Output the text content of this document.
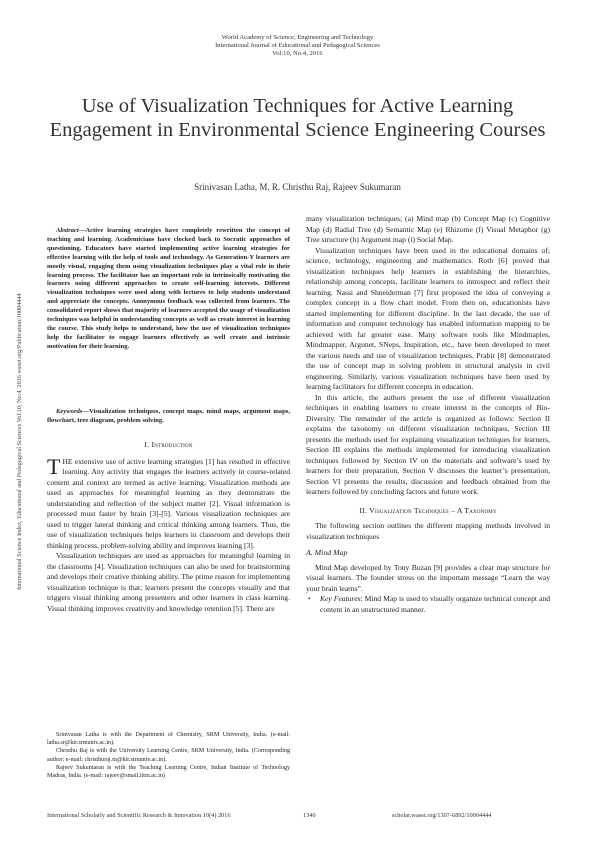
World Academy of Science, Engineering and Technology
International Journal of Educational and Pedagogical Sciences
Vol:10, No:4, 2016
International Science Index, Educational and Pedagogical Sciences Vol:10, No:4, 2016 waset.org/Publication/10004444
Use of Visualization Techniques for Active Learning Engagement in Environmental Science Engineering Courses
Srinivasan Latha, M. R. Christhu Raj, Rajeev Sukumaran

Abstract—Active learning strategies have completely rewritten the concept of teaching and learning. Academicians have clocked back to Socratic approaches of questioning. Educators have started implementing active learning strategies for effective learning with the help of tools and technology. As Generation-Y learners are mostly visual, engaging them using visualization techniques play a vital role in their learning process. The facilitator has an important role in intrinsically motivating the learners using different approaches to create self-learning interests. Different visualization techniques were used along with lectures to help students understand and appreciate the concepts. Anonymous feedback was collected from learners. The consolidated report shows that majority of learners accepted the usage of visualization techniques was helpful in understanding concepts as well as create interest in learning the course. This study helps to understand, how the use of visualization techniques help the facilitator to engage learners effectively as well create and intrinsic motivation for their learning.

Keywords—Visualization techniques, concept maps, mind maps, argument maps, flowchart, tree diagram, problem solving.

I. Introduction

THE extensive use of active learning strategies [1] has resulted in effective learning. Any activity that engages the learners actively in course-related content and context are termed as active learning. Visualization methods are used as approaches for meaningful learning as they demonstrate the understanding and reflection of the subject matter [2]. Visual information is processed must faster by brain [3]-[5]. Various visualization techniques are used to trigger lateral thinking and critical thinking among learners. Thus, the use of visualization techniques helps learners in classroom and develops their thinking process, problem-solving ability and improves learning [3].

Visualization techniques are used as approaches for meaningful learning in the classrooms [4]. Visualization techniques can also be used for brainstorming and develops their creative thinking ability. The prime reason for implementing visualization technique is that; learners present the concepts visually and that triggers visual thinking among presenters and other learners in class learning. Visual thinking improves creativity and knowledge retention [5]. There are

Srinivasan Latha is with the Department of Chemistry, SRM University, India. (e-mail: latha.sr@ktr.srmuniv.ac.in).

Christhu Raj is with the University Learning Centre, SRM University, India. (Corresponding author: e-mail: christhuraj.m@ktr.srmuniv.ac.in).

Rajeev Sukumaran is with the Teaching Learning Centre, Indian Institute of Technology Madras, India. (e-mail: rajeev@smail.iitm.ac.in)

many visualization techniques; (a) Mind map (b) Concept Map (c) Cognitive Map (d) Radial Tree (d) Semantic Map (e) Rhizome (f) Visual Metaphor (g) Tree structure (h) Argument map (i) Social Map.

Visualization techniques have been used in the educational domains of; science, technology, engineering and mathematics. Roth [6] proved that visualization techniques help learners in establishing the hierarchies, relationship among concepts, facilitate learners to introspect and reflect their learning. Nassi and Shneiderman [7] first proposed the idea of conveying a complex concept in a flow chart model. From then on, educationists have started implementing for different discipline. In the last decade, the use of information and computer technology has enabled information mapping to be achieved with far greater ease. Many software tools like Mindmaples, Mindmapper, Argunet, SNeps, Inspiration, etc., have been developed to meet the various needs and use of visualization techniques. Prabir [8] demonstrated the use of concept map in solving problem in structural analysis in civil engineering. Similarly, various visualization techniques have been used by learning facilitators for different concepts in education.

In this article, the authors present the use of different visualization techniques in enabling learners to create interest in the concepts of Bio-Diversity. The remainder of the article is organized as follows: Section II explains the taxonomy on different visualization techniques, Section III presents the methods used for explaining visualization techniques for learners, Section III explains the methods implemented for introducing visualization techniques followed by Section IV on the materials and software’s used by learners for their preparation, Section V discusses the learner’s presentation, Section VI presents the results, discussion and feedback obtained from the learners followed by concluding factors and future work.

II. Visualization Techniques – A Taxonomy

The following section outlines the different mapping methods involved in visualization techniques

A. Mind Map

Mind Map developed by Tony Buzan [9] provides a clear map structure for visual learners. The founder stress on the important message “Learn the way your brain learns”.

• Key Features: Mind Map is used to visually organize technical concept and content in an unstructured manner.
International Scholarly and Scientific Research & Innovation 10(4) 2016	1340	scholar.waset.org/1307-6892/10004444
